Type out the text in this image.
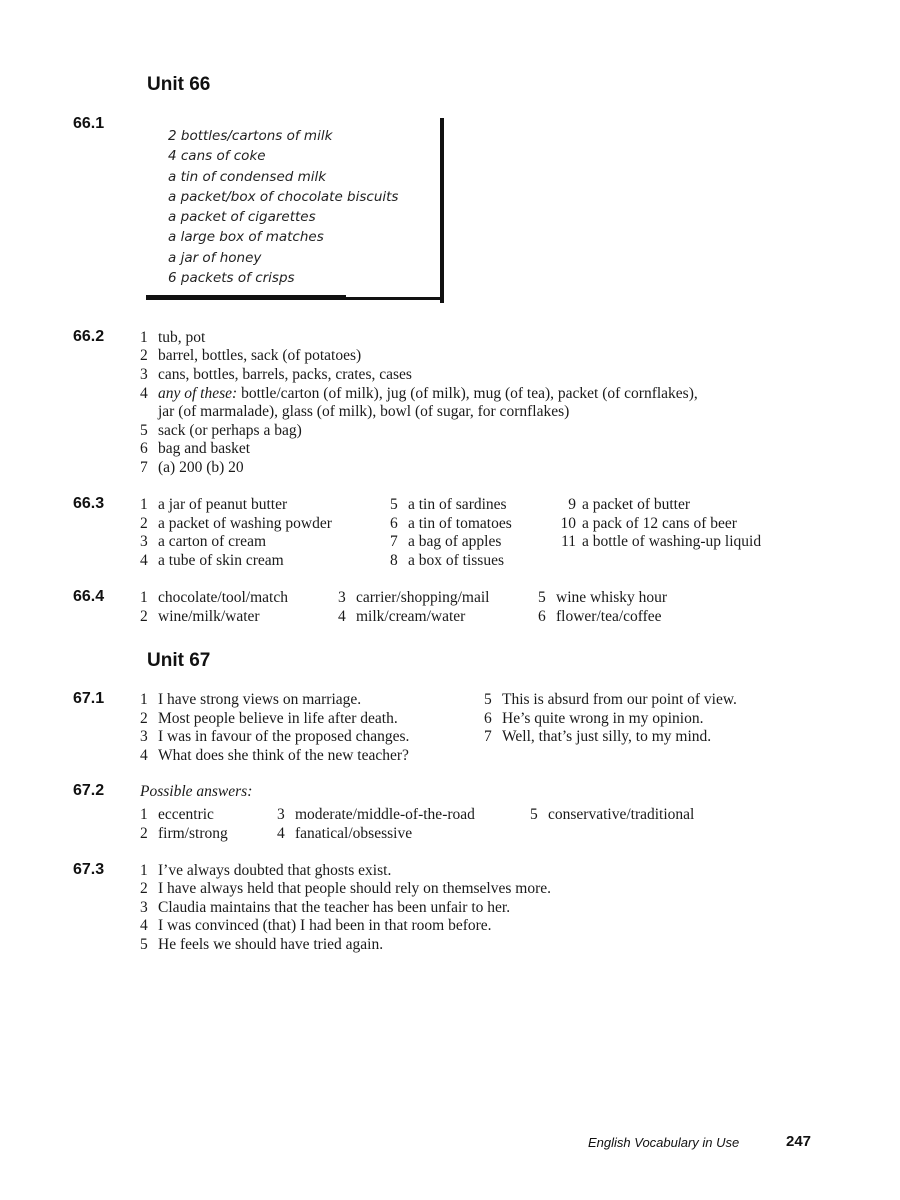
Unit 66
66.1
2 bottles/cartons of milk
4 cans of coke
a tin of condensed milk
a packet/box of chocolate biscuits
a packet of cigarettes
a large box of matches
a jar of honey
6 packets of crisps
66.2 1 tub, pot
2 barrel, bottles, sack (of potatoes)
3 cans, bottles, barrels, packs, crates, cases
4 any of these: bottle/carton (of milk), jug (of milk), mug (of tea), packet (of cornflakes),
jar (of marmalade), glass (of milk), bowl (of sugar, for cornflakes)
5 sack (or perhaps a bag)
6 bag and basket
7 (a) 200 (b) 20
66.3 1 a jar of peanut butter
2 a packet of washing powder
3 a carton of cream
4 a tube of skin cream
5 a tin of sardines
6 a tin of tomatoes
7 a bag of apples
8 a box of tissues
9 a packet of butter
10 a pack of 12 cans of beer
11 a bottle of washing-up liquid
66.4 1 chocolate/tool/match
2 wine/milk/water
3 carrier/shopping/mail
4 milk/cream/water
5 wine whisky hour
6 flower/tea/coffee
Unit 67
67.1 1 I have strong views on marriage.
2 Most people believe in life after death.
3 I was in favour of the proposed changes.
4 What does she think of the new teacher?
5 This is absurd from our point of view.
6 He’s quite wrong in my opinion.
7 Well, that’s just silly, to my mind.
67.2 Possible answers:
1 eccentric
2 firm/strong
3 moderate/middle-of-the-road
4 fanatical/obsessive
5 conservative/traditional
67.3 1 I’ve always doubted that ghosts exist.
2 I have always held that people should rely on themselves more.
3 Claudia maintains that the teacher has been unfair to her.
4 I was convinced (that) I had been in that room before.
5 He feels we should have tried again.
English Vocabulary in Use	247
